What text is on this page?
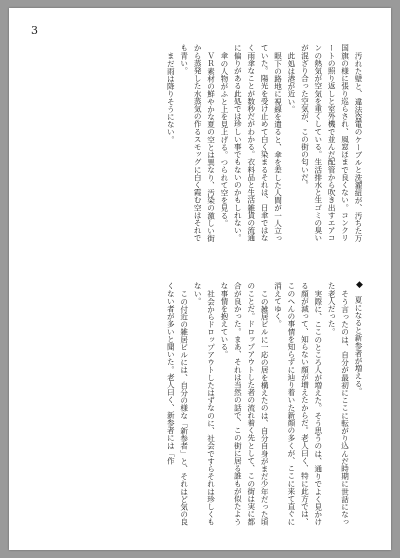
3

汚れた壁と、違法盗電のケーブルと洗濯紐が、汚ちた万国旗の様に張り巡らされ、風窓ほまで良くない。コンクリートの照り返しと室外機で並んだ配管から吹き出すエアコンの熱気が空気を重くしている。生活排水と生ゴミの臭いが混ざり合った空気が、この街の匂いだ。

此処は港が近い。

眼下の路地に視線を遣ると、傘を差した人間が一人立っていた。陽光を受け止めて白く染まるそれは、日傘ではなく雨傘なことが数秒だがわかる。衣料品と生活雑貨の流通に偏りがある此処では珍しい事でもないのかもしれない。

傘の人物がふと上を見上げる。つられて空を見る。

ＶＲ素材の鮮やかな夏の空とは異なり、汚染の激しい街から蒸発した水蒸気の作るスモッグに白く霞む空はそれでも青い。

まだ雨は降りそうにない。

◆

夏になると新参者が増える。

そう言ったのは、自分が最初にここに転がり込んだ時期に世話になった老人だった。

実際に、ここのところ人が増えた。そう思うのは、通りでよく見かける顔が減って、知らない顔が増えたからだ。老人曰く、特に此方では、このへんの事情を知らずに辿り着いた新顔の多くが、ここに来て直ぐに消えてゆく。

この雑居ビルに一応の居を構えたのは、自分自身がまだ少年だった頃のことだ。ドロップアウトした者の流れ着く先として、この街は実に都合が良かった。まあ、それは当然の話で、この街に居る誰もが似たような事情を抱えている。

社会からドロップアウトしたはずなのに、社会ですらそれは珍しくもない。

この付近の雑居ビルには、自分の様な「新参者」と、それはど気の良くない者が多いと聞いた。老人曰く、新参者には「作
